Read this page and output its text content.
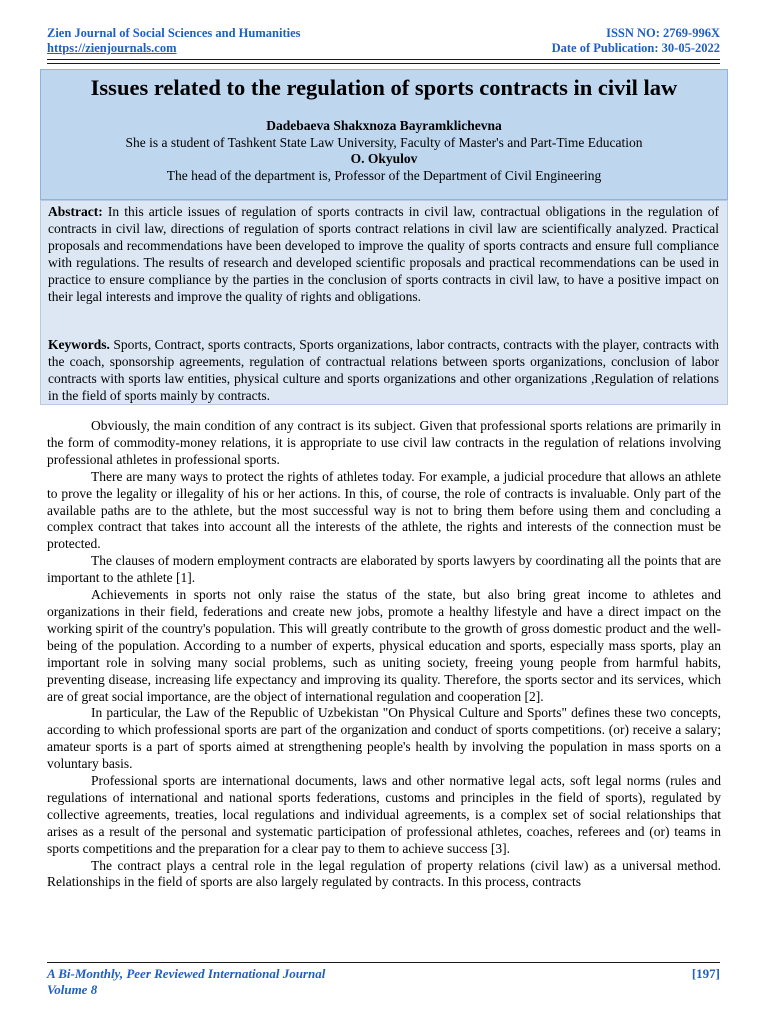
Zien Journal of Social Sciences and Humanities
https://zienjournals.com
ISSN NO: 2769-996X
Date of Publication: 30-05-2022
Issues related to the regulation of sports contracts in civil law
Dadebaeva Shakxnoza Bayramklichevna
She is a student of Tashkent State Law University, Faculty of Master's and Part-Time Education
O. Okyulov
The head of the department is, Professor of the Department of Civil Engineering
Abstract: In this article issues of regulation of sports contracts in civil law, contractual obligations in the regulation of contracts in civil law, directions of regulation of sports contract relations in civil law are scientifically analyzed. Practical proposals and recommendations have been developed to improve the quality of sports contracts and ensure full compliance with regulations. The results of research and developed scientific proposals and practical recommendations can be used in practice to ensure compliance by the parties in the conclusion of sports contracts in civil law, to have a positive impact on their legal interests and improve the quality of rights and obligations.
Keywords. Sports, Contract, sports contracts, Sports organizations, labor contracts, contracts with the player, contracts with the coach, sponsorship agreements, regulation of contractual relations between sports organizations, conclusion of labor contracts with sports law entities, physical culture and sports organizations and other organizations ,Regulation of relations in the field of sports mainly by contracts.

Obviously, the main condition of any contract is its subject. Given that professional sports relations are primarily in the form of commodity-money relations, it is appropriate to use civil law contracts in the regulation of relations involving professional athletes in professional sports.

There are many ways to protect the rights of athletes today. For example, a judicial procedure that allows an athlete to prove the legality or illegality of his or her actions. In this, of course, the role of contracts is invaluable. Only part of the available paths are to the athlete, but the most successful way is not to bring them before using them and concluding a complex contract that takes into account all the interests of the athlete, the rights and interests of the connection must be protected.

The clauses of modern employment contracts are elaborated by sports lawyers by coordinating all the points that are important to the athlete [1].

Achievements in sports not only raise the status of the state, but also bring great income to athletes and organizations in their field, federations and create new jobs, promote a healthy lifestyle and have a direct impact on the working spirit of the country's population. This will greatly contribute to the growth of gross domestic product and the well-being of the population. According to a number of experts, physical education and sports, especially mass sports, play an important role in solving many social problems, such as uniting society, freeing young people from harmful habits, preventing disease, increasing life expectancy and improving its quality. Therefore, the sports sector and its services, which are of great social importance, are the object of international regulation and cooperation [2].

In particular, the Law of the Republic of Uzbekistan "On Physical Culture and Sports" defines these two concepts, according to which professional sports are part of the organization and conduct of sports competitions. (or) receive a salary; amateur sports is a part of sports aimed at strengthening people's health by involving the population in mass sports on a voluntary basis.

Professional sports are international documents, laws and other normative legal acts, soft legal norms (rules and regulations of international and national sports federations, customs and principles in the field of sports), regulated by collective agreements, treaties, local regulations and individual agreements, is a complex set of social relationships that arises as a result of the personal and systematic participation of professional athletes, coaches, referees and (or) teams in sports competitions and the preparation for a clear pay to them to achieve success [3].

The contract plays a central role in the legal regulation of property relations (civil law) as a universal method. Relationships in the field of sports are also largely regulated by contracts. In this process, contracts

A Bi-Monthly, Peer Reviewed International Journal
Volume 8
[197]
